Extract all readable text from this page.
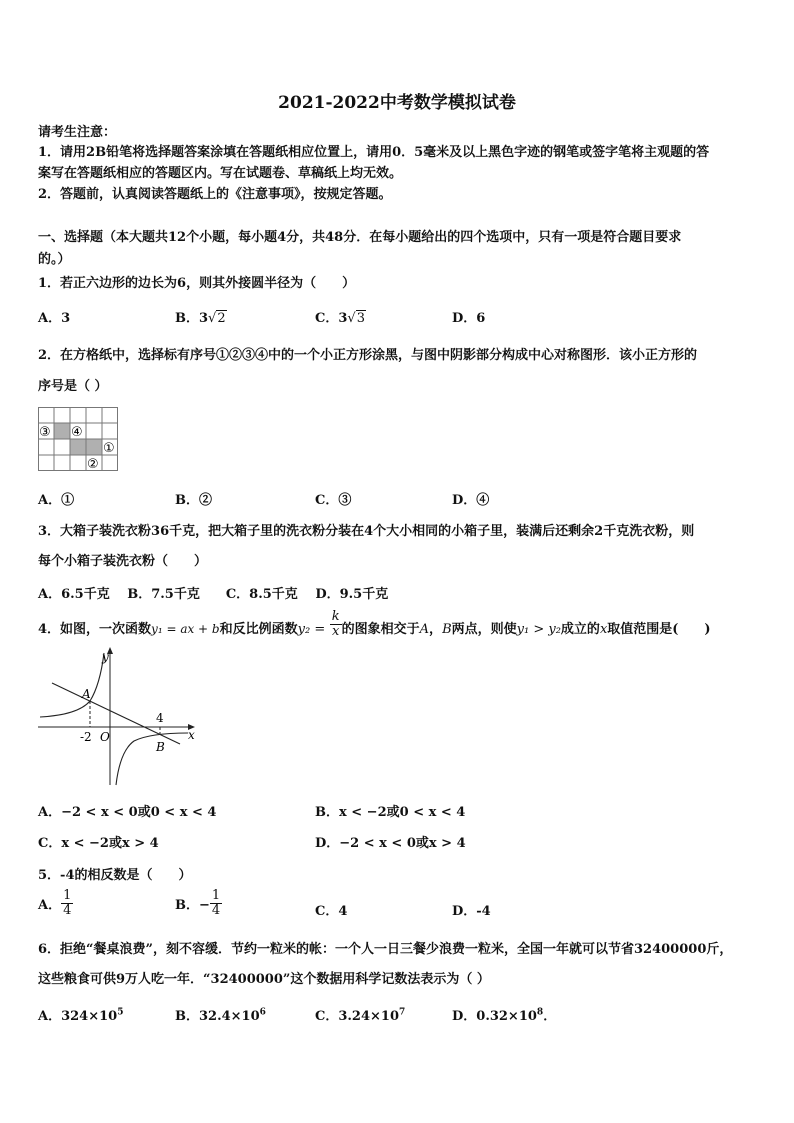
2021-2022中考数学模拟试卷
请考生注意：
1．请用2B铅笔将选择题答案涂填在答题纸相应位置上，请用0．5毫米及以上黑色字迹的钢笔或签字笔将主观题的答
案写在答题纸相应的答题区内。写在试题卷、草稿纸上均无效。
2．答题前，认真阅读答题纸上的《注意事项》，按规定答题。
一、选择题（本大题共12个小题，每小题4分，共48分．在每小题给出的四个选项中，只有一项是符合题目要求
的。）
1．若正六边形的边长为6，则其外接圆半径为（　　）
A．3	B．3√2	C．3√3	D．6
2．在方格纸中，选择标有序号①②③④中的一个小正方形涂黑，与图中阴影部分构成中心对称图形．该小正方形的
序号是（ ）
③ ④
①
②
A．①	B．②	C．③	D．④
3．大箱子装洗衣粉36千克，把大箱子里的洗衣粉分装在4个大小相同的小箱子里，装满后还剩余2千克洗衣粉，则
每个小箱子装洗衣粉（　　）
A．6.5千克　 B．7.5千克　　C．8.5千克　 D．9.5千克
4．如图，一次函数y₁ = ax + b和反比例函数$y_2 = \frac{k}{x}$ 的图象相交于A，B两点，则使y₁ > y₂成立的x取值范围是(　　)
y
x
A
B
O
-2
4
A．−2 < x < 0或0 < x < 4	B．x < −2或0 < x < 4
C．x < −2或x > 4	D．−2 < x < 0或x > 4
5．-4的相反数是（　　）
A． $\frac{1}{4}$	B．− $\frac{1}{4}$	C．4	D．-4
6．拒绝“餐桌浪费”，刻不容缓．节约一粒米的帐：一个人一日三餐少浪费一粒米，全国一年就可以节省32400000斤，
这些粮食可供9万人吃一年．“32400000”这个数据用科学记数法表示为（ ）
A．$324\times 10^5$	B．$32.4\times 10^6$	C．$3.24\times 10^7$	D．$0.32\times 10^8$．
